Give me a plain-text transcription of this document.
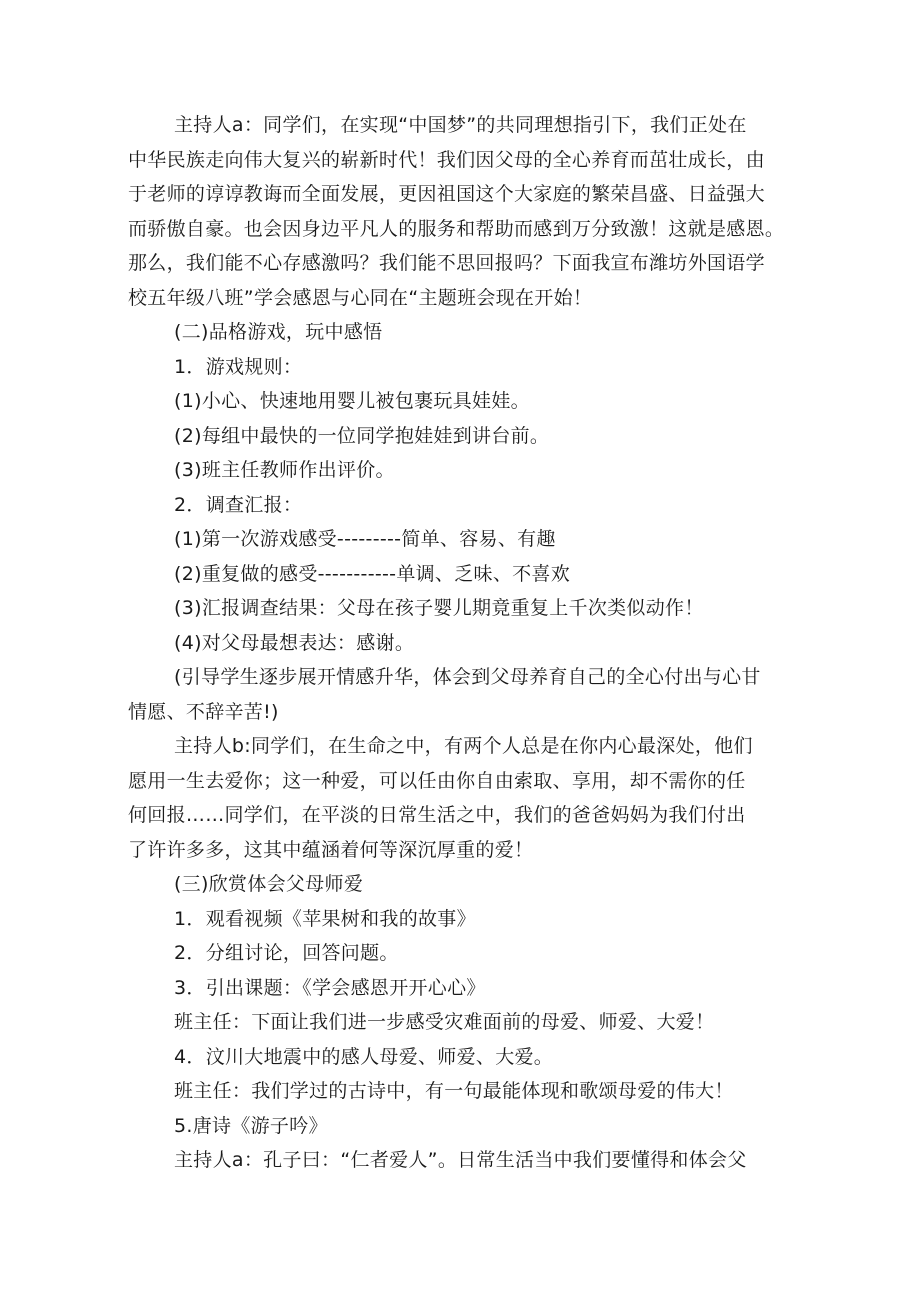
主持人a：同学们，在实现“中国梦”的共同理想指引下，我们正处在
中华民族走向伟大复兴的崭新时代！我们因父母的全心养育而茁壮成长，由
于老师的谆谆教诲而全面发展，更因祖国这个大家庭的繁荣昌盛、日益强大
而骄傲自豪。也会因身边平凡人的服务和帮助而感到万分致激！这就是感恩。
那么，我们能不心存感激吗？我们能不思回报吗？下面我宣布潍坊外国语学
校五年级八班”学会感恩与心同在“主题班会现在开始！

(二)品格游戏，玩中感悟

1．游戏规则：

(1)小心、快速地用婴儿被包裹玩具娃娃。

(2)每组中最快的一位同学抱娃娃到讲台前。

(3)班主任教师作出评价。

2．调查汇报：

(1)第一次游戏感受---------简单、容易、有趣

(2)重复做的感受-----------单调、乏味、不喜欢

(3)汇报调查结果：父母在孩子婴儿期竟重复上千次类似动作！

(4)对父母最想表达：感谢。

(引导学生逐步展开情感升华，体会到父母养育自己的全心付出与心甘
情愿、不辞辛苦!)

主持人b:同学们，在生命之中，有两个人总是在你内心最深处，他们
愿用一生去爱你；这一种爱，可以任由你自由索取、享用，却不需你的任
何回报……同学们，在平淡的日常生活之中，我们的爸爸妈妈为我们付出
了许许多多，这其中蕴涵着何等深沉厚重的爱！

(三)欣赏体会父母师爱

1．观看视频《苹果树和我的故事》

2．分组讨论，回答问题。

3．引出课题：《学会感恩开开心心》

班主任：下面让我们进一步感受灾难面前的母爱、师爱、大爱！

4．汶川大地震中的感人母爱、师爱、大爱。

班主任：我们学过的古诗中，有一句最能体现和歌颂母爱的伟大！

5.唐诗《游子吟》

主持人a：孔子曰：“仁者爱人”。日常生活当中我们要懂得和体会父
